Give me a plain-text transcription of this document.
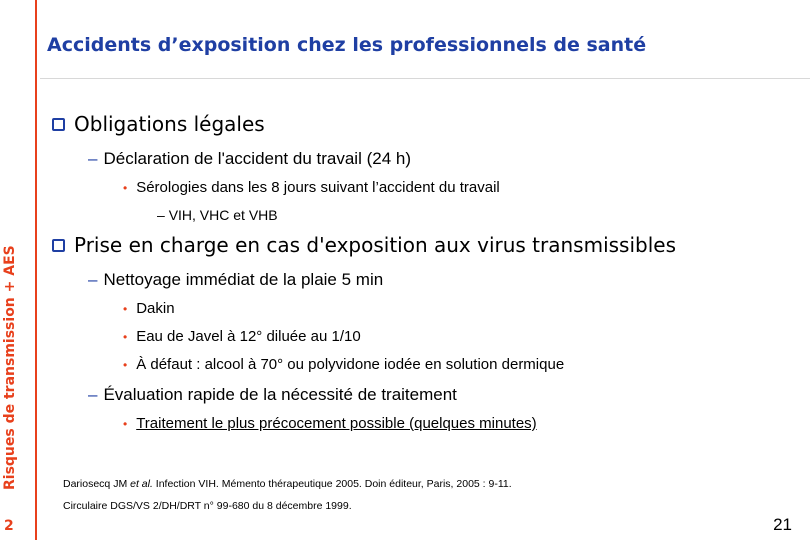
Risques de transmission + AES
2
Accidents d’exposition chez les professionnels de santé
Obligations légales
– Déclaration de l'accident du travail (24 h)
• Sérologies dans les 8 jours suivant l’accident du travail
– VIH, VHC et VHB
Prise en charge en cas d'exposition aux virus transmissibles
– Nettoyage immédiat de la plaie 5 min
• Dakin
• Eau de Javel à 12° diluée au 1/10
• À défaut : alcool à 70° ou polyvidone iodée en solution dermique
– Évaluation rapide de la nécessité de traitement
• Traitement le plus précocement possible (quelques minutes)
Dariosecq JM et al. Infection VIH. Mémento thérapeutique 2005. Doin éditeur, Paris, 2005 : 9-11.
Circulaire DGS/VS 2/DH/DRT n° 99-680 du 8 décembre 1999.
21
